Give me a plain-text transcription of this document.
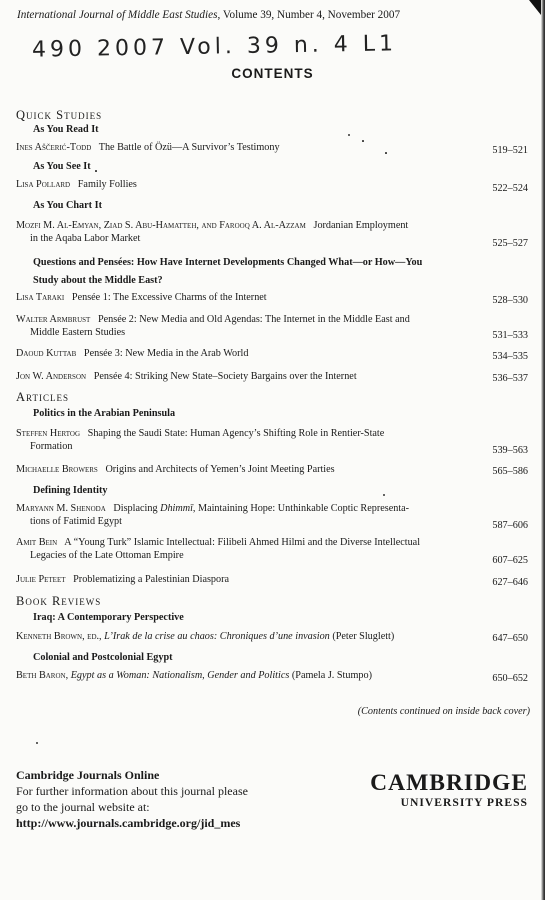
International Journal of Middle East Studies, Volume 39, Number 4, November 2007
490 2007 Vol. 39 n. 4 L1
CONTENTS
Quick Studies
As You Read It
Ines Aščerić-Todd The Battle of Özü—A Survivor’s Testimony	519–521
As You See It
Lisa Pollard Family Follies	522–524
As You Chart It
Mozfi M. Al-Emyan, Ziad S. Abu-Hamatteh, and Farooq A. Al-Azzam Jordanian Employment
in the Aqaba Labor Market	525–527
Questions and Pensées: How Have Internet Developments Changed What—or How—You
Study about the Middle East?
Lisa Taraki Pensée 1: The Excessive Charms of the Internet	528–530
Walter Armbrust Pensée 2: New Media and Old Agendas: The Internet in the Middle East and
Middle Eastern Studies	531–533
Daoud Kuttab Pensée 3: New Media in the Arab World	534–535
Jon W. Anderson Pensée 4: Striking New State–Society Bargains over the Internet	536–537
Articles
Politics in the Arabian Peninsula
Steffen Hertog Shaping the Saudi State: Human Agency’s Shifting Role in Rentier-State
Formation	539–563
Michaelle Browers Origins and Architects of Yemen’s Joint Meeting Parties	565–586
Defining Identity
Maryann M. Shenoda Displacing Dhimmī, Maintaining Hope: Unthinkable Coptic Representa-
tions of Fatimid Egypt	587–606
Amit Bein A “Young Turk” Islamic Intellectual: Filibeli Ahmed Hilmi and the Diverse Intellectual
Legacies of the Late Ottoman Empire	607–625
Julie Peteet Problematizing a Palestinian Diaspora	627–646
Book Reviews
Iraq: A Contemporary Perspective
Kenneth Brown, ed., L’Irak de la crise au chaos: Chroniques d’une invasion (Peter Sluglett)	647–650
Colonial and Postcolonial Egypt
Beth Baron, Egypt as a Woman: Nationalism, Gender and Politics (Pamela J. Stumpo)	650–652
(Contents continued on inside back cover)
Cambridge Journals Online
For further information about this journal please
go to the journal website at:
http://www.journals.cambridge.org/jid_mes
CAMBRIDGE
UNIVERSITY PRESS
